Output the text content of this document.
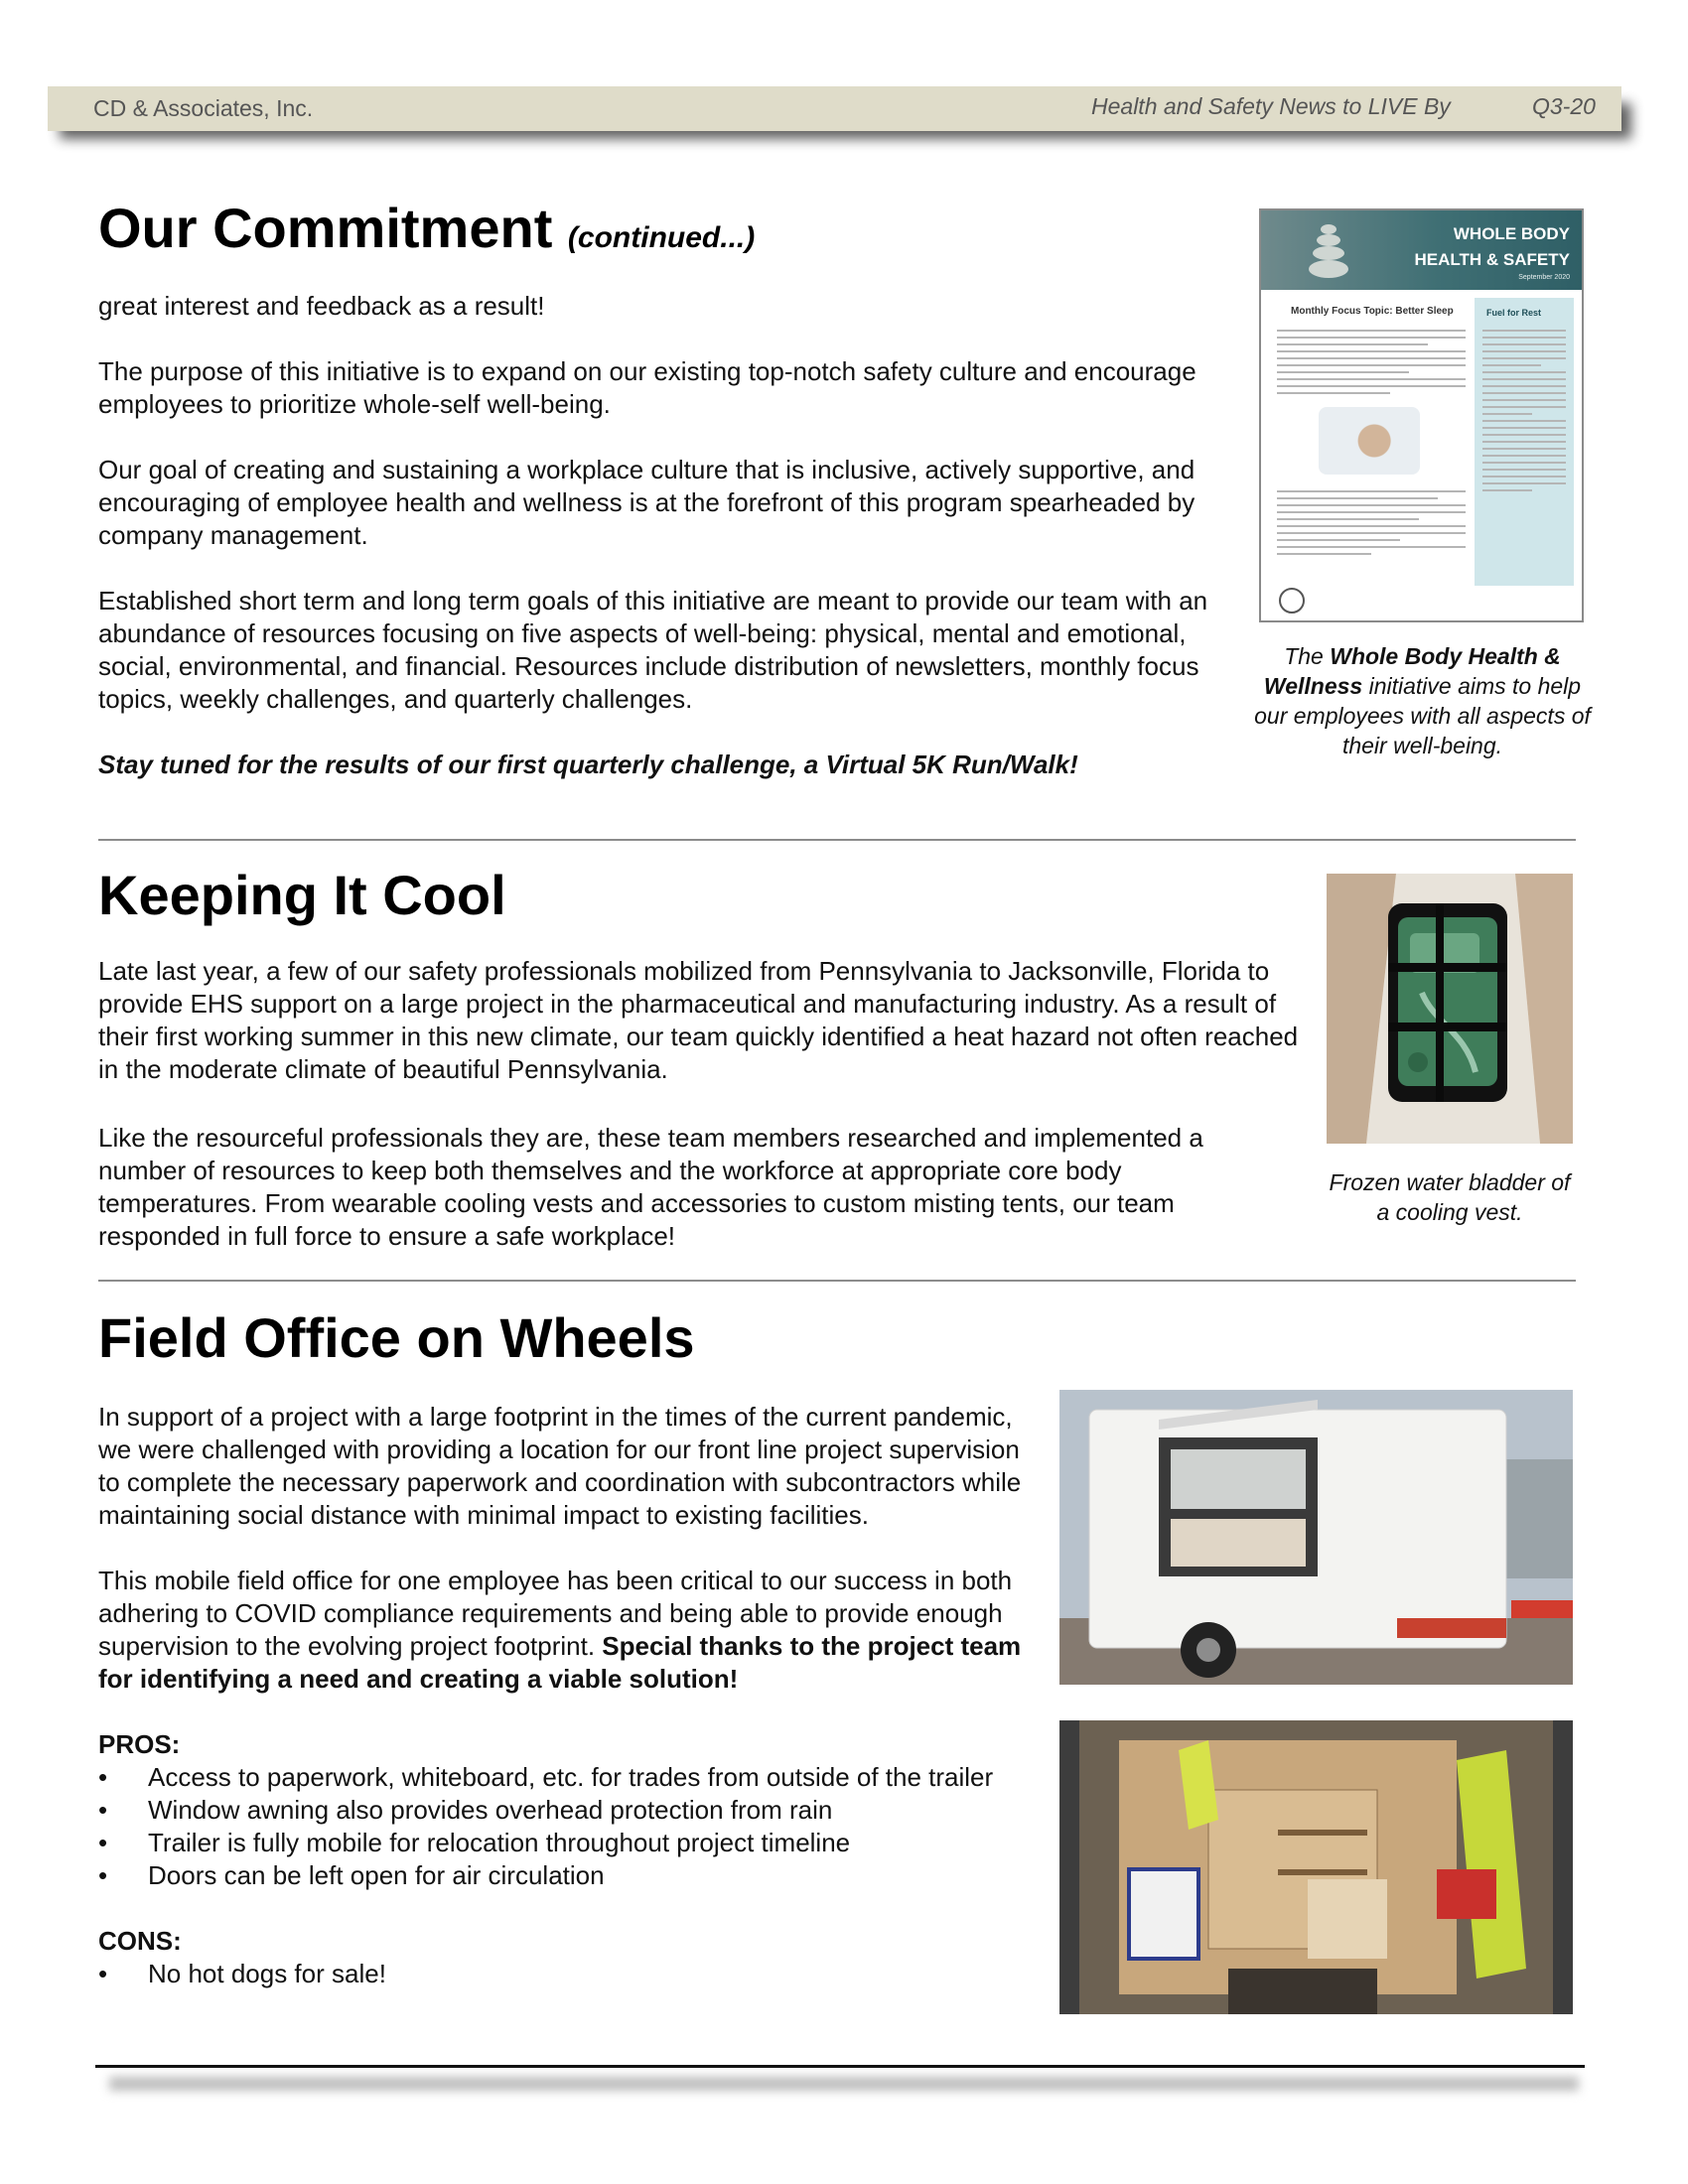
CD & Associates, Inc.	Health and Safety News to LIVE By	Q3-20
Our Commitment (continued...)

great interest and feedback as a result!

The purpose of this initiative is to expand on our existing top-notch safety culture and encourage employees to prioritize whole-self well-being.

Our goal of creating and sustaining a workplace culture that is inclusive, actively supportive, and encouraging of employee health and wellness is at the forefront of this program spearheaded by company management.

Established short term and long term goals of this initiative are meant to provide our team with an abundance of resources focusing on five aspects of well-being: physical, mental and emotional, social, environmental, and financial. Resources include distribution of newsletters, monthly focus topics, weekly challenges, and quarterly challenges.

Stay tuned for the results of our first quarterly challenge, a Virtual 5K Run/Walk!

WHOLE BODY
HEALTH & SAFETY
September 2020
Monthly Focus Topic: Better Sleep	Fuel for Rest
The Whole Body Health & Wellness initiative aims to help our employees with all aspects of their well-being.
Keeping It Cool

Late last year, a few of our safety professionals mobilized from Pennsylvania to Jacksonville, Florida to provide EHS support on a large project in the pharmaceutical and manufacturing industry. As a result of their first working summer in this new climate, our team quickly identified a heat hazard not often reached in the moderate climate of beautiful Pennsylvania.

Like the resourceful professionals they are, these team members researched and implemented a number of resources to keep both themselves and the workforce at appropriate core body temperatures. From wearable cooling vests and accessories to custom misting tents, our team responded in full force to ensure a safe workplace!

Frozen water bladder of a cooling vest.
Field Office on Wheels

In support of a project with a large footprint in the times of the current pandemic, we were challenged with providing a location for our front line project supervision to complete the necessary paperwork and coordination with subcontractors while maintaining social distance with minimal impact to existing facilities.

This mobile field office for one employee has been critical to our success in both adhering to COVID compliance requirements and being able to provide enough supervision to the evolving project footprint. Special thanks to the project team for identifying a need and creating a viable solution!

PROS:

•	Access to paperwork, whiteboard, etc. for trades from outside of the trailer
•	Window awning also provides overhead protection from rain
•	Trailer is fully mobile for relocation throughout project timeline
•	Doors can be left open for air circulation

CONS:

•	No hot dogs for sale!
